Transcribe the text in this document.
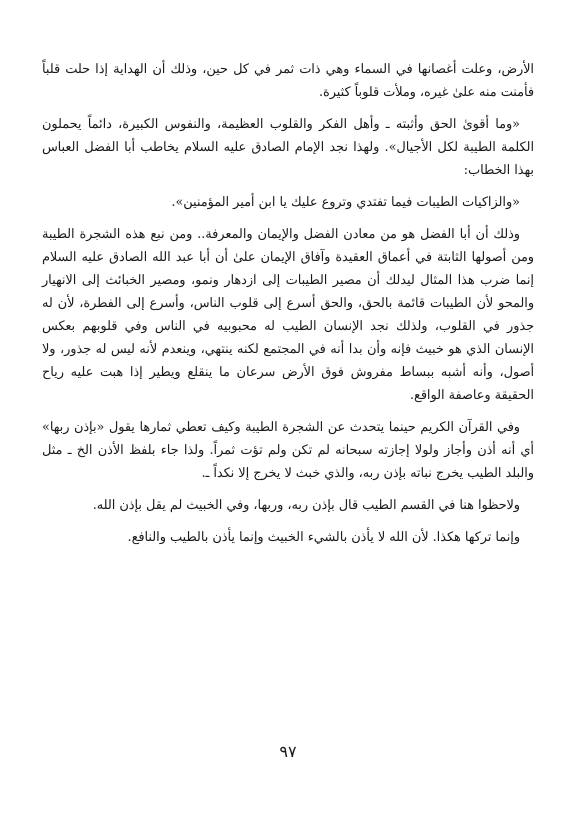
الأرض، وعلت أغصانها في السماء وهي ذات ثمر في كل حين، وذلك أن الهداية إذا حلت قلباً فأمنت منه علىٰ غيره، وملأت قلوباً كثيرة.

«وما أقوىٰ الحق وأثبته ـ وأهل الفكر والقلوب العظيمة، والنفوس الكبيرة، دائماً يحملون الكلمة الطيبة لكل الأجيال». ولهذا نجد الإمام الصادق عليه السلام يخاطب أبا الفضل العباس بهذا الخطاب:

«والزاكيات الطيبات فيما تفتدي وتروع عليك يا ابن أمير المؤمنين».

وذلك أن أبا الفضل هو من معادن الفضل والإيمان والمعرفة.. ومن نبع هذه الشجرة الطيبة ومن أصولها الثابتة في أعماق العقيدة وآفاق الإيمان علىٰ أن أبا عبد الله الصادق عليه السلام إنما ضرب هذا المثال ليدلك أن مصير الطيبات إلى ازدهار ونمو، ومصير الخبائث إلى الانهيار والمحو لأن الطيبات قائمة بالحق، والحق أسرع إلى قلوب الناس، وأسرع إلى الفطرة، لأن له جذور في القلوب، ولذلك نجد الإنسان الطيب له محبوبيه في الناس وفي قلوبهم بعكس الإنسان الذي هو خبيث فإنه وأن بدا أنه في المجتمع لكنه ينتهي، وينعدم لأنه ليس له جذور، ولا أصول، وأنه أشبه ببساط مفروش فوق الأرض سرعان ما ينقلع ويطير إذا هبت عليه رياح الحقيقة وعاصفة الواقع.

وفي القرآن الكريم حينما يتحدث عن الشجرة الطيبة وكيف تعطي ثمارها يقول «بإذن ربها» أي أنه أذن وأجاز ولولا إجازته سبحانه لم تكن ولم تؤت ثمراً. ولذا جاء بلفظ الأذن الخ ـ مثل والبلد الطيب يخرج نباته بإذن ربه، والذي خبث لا يخرج إلا نكداً ـ.

ولاحظوا هنا في القسم الطيب قال بإذن ربه، وربها، وفي الخبيث لم يقل بإذن الله.

وإنما تركها هكذا. لأن الله لا يأذن بالشيء الخبيث وإنما يأذن بالطيب والنافع.

٩٧
